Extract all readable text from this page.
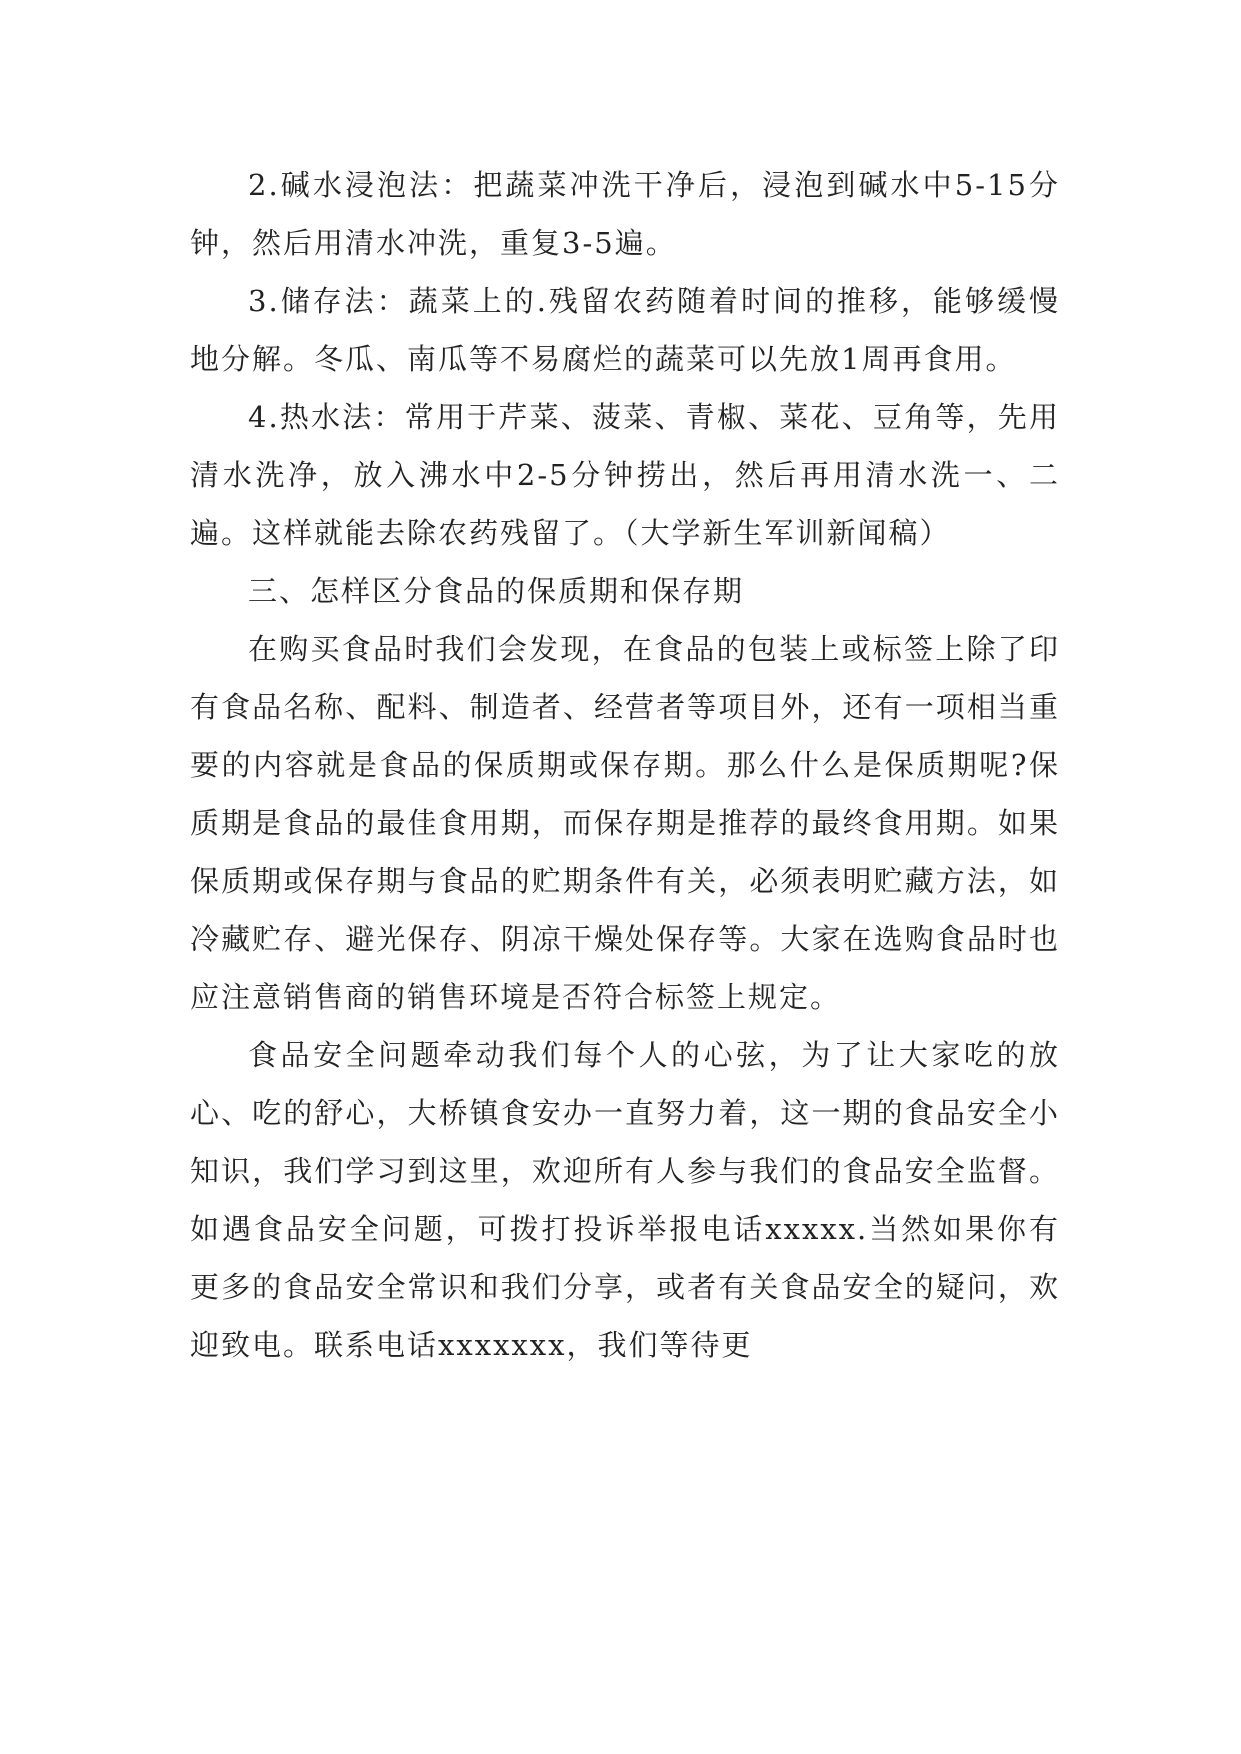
2.碱水浸泡法：把蔬菜冲洗干净后，浸泡到碱水中5-15分钟，然后用清水冲洗，重复3-5遍。

3.储存法：蔬菜上的.残留农药随着时间的推移，能够缓慢地分解。冬瓜、南瓜等不易腐烂的蔬菜可以先放1周再食用。

4.热水法：常用于芹菜、菠菜、青椒、菜花、豆角等，先用清水洗净，放入沸水中2-5分钟捞出，然后再用清水洗一、二遍。这样就能去除农药残留了。（大学新生军训新闻稿）

三、怎样区分食品的保质期和保存期

在购买食品时我们会发现，在食品的包装上或标签上除了印有食品名称、配料、制造者、经营者等项目外，还有一项相当重要的内容就是食品的保质期或保存期。那么什么是保质期呢?保质期是食品的最佳食用期，而保存期是推荐的最终食用期。如果保质期或保存期与食品的贮期条件有关，必须表明贮藏方法，如冷藏贮存、避光保存、阴凉干燥处保存等。大家在选购食品时也应注意销售商的销售环境是否符合标签上规定。

食品安全问题牵动我们每个人的心弦，为了让大家吃的放心、吃的舒心，大桥镇食安办一直努力着，这一期的食品安全小知识，我们学习到这里，欢迎所有人参与我们的食品安全监督。如遇食品安全问题，可拨打投诉举报电话xxxxx.当然如果你有更多的食品安全常识和我们分享，或者有关食品安全的疑问，欢迎致电。联系电话xxxxxxx，我们等待更
